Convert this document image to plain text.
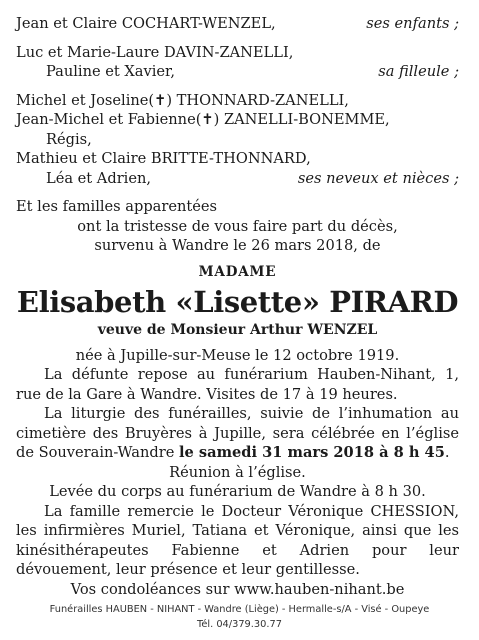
Jean et Claire COCHART-WENZEL,	ses enfants ;
Luc et Marie-Laure DAVIN-ZANELLI,
Pauline et Xavier,	sa filleule ;
Michel et Joseline(✝) THONNARD-ZANELLI,
Jean-Michel et Fabienne(✝) ZANELLI-BONEMME,
Régis,
Mathieu et Claire BRITTE-THONNARD,
Léa et Adrien,	ses neveux et nièces ;
Et les familles apparentées
ont la tristesse de vous faire part du décès,
survenu à Wandre le 26 mars 2018, de
MADAME
Elisabeth «Lisette» PIRARD
veuve de Monsieur Arthur WENZEL
née à Jupille-sur-Meuse le 12 octobre 1919.

La défunte repose au funérarium Hauben-Nihant, 1, rue de la Gare à Wandre. Visites de 17 à 19 heures.

La liturgie des funérailles, suivie de l’inhumation au cimetière des Bruyères à Jupille, sera célébrée en l’église de Souverain-Wandre le samedi 31 mars 2018 à 8 h 45.

Réunion à l’église.
Levée du corps au funérarium de Wandre à 8 h 30.

La famille remercie le Docteur Véronique CHESSION, les infirmières Muriel, Tatiana et Véronique, ainsi que les kinésithérapeutes Fabienne et Adrien pour leur dévouement, leur présence et leur gentillesse.

Vos condoléances sur www.hauben-nihant.be
Funérailles HAUBEN - NIHANT - Wandre (Liège) - Hermalle-s/A - Visé - Oupeye
Tél. 04/379.30.77
